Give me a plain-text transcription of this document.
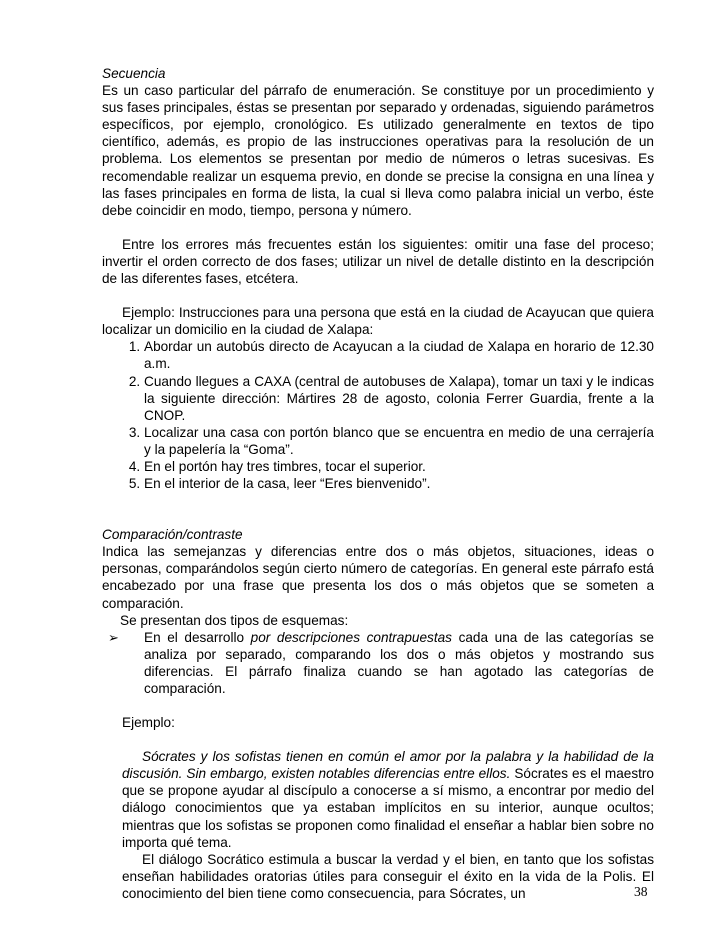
Secuencia

Es un caso particular del párrafo de enumeración. Se constituye por un procedimiento y sus fases principales, éstas se presentan por separado y ordenadas, siguiendo parámetros específicos, por ejemplo, cronológico. Es utilizado generalmente en textos de tipo científico, además, es propio de las instrucciones operativas para la resolución de un problema. Los elementos se presentan por medio de números o letras sucesivas. Es recomendable realizar un esquema previo, en donde se precise la consigna en una línea y las fases principales en forma de lista, la cual si lleva como palabra inicial un verbo, éste debe coincidir en modo, tiempo, persona y número.

Entre los errores más frecuentes están los siguientes: omitir una fase del proceso; invertir el orden correcto de dos fases; utilizar un nivel de detalle distinto en la descripción de las diferentes fases, etcétera.

Ejemplo: Instrucciones para una persona que está en la ciudad de Acayucan que quiera localizar un domicilio en la ciudad de Xalapa:

1. Abordar un autobús directo de Acayucan a la ciudad de Xalapa en horario de 12.30 a.m.
2. Cuando llegues a CAXA (central de autobuses de Xalapa), tomar un taxi y le indicas la siguiente dirección: Mártires 28 de agosto, colonia Ferrer Guardia, frente a la CNOP.
3. Localizar una casa con portón blanco que se encuentra en medio de una cerrajería y la papelería la “Goma”.
4. En el portón hay tres timbres, tocar el superior.
5. En el interior de la casa, leer “Eres bienvenido”.

Comparación/contraste

Indica las semejanzas y diferencias entre dos o más objetos, situaciones, ideas o personas, comparándolos según cierto número de categorías. En general este párrafo está encabezado por una frase que presenta los dos o más objetos que se someten a comparación.

Se presentan dos tipos de esquemas:

➢ En el desarrollo por descripciones contrapuestas cada una de las categorías se analiza por separado, comparando los dos o más objetos y mostrando sus diferencias. El párrafo finaliza cuando se han agotado las categorías de comparación.

Ejemplo:

Sócrates y los sofistas tienen en común el amor por la palabra y la habilidad de la discusión. Sin embargo, existen notables diferencias entre ellos. Sócrates es el maestro que se propone ayudar al discípulo a conocerse a sí mismo, a encontrar por medio del diálogo conocimientos que ya estaban implícitos en su interior, aunque ocultos; mientras que los sofistas se proponen como finalidad el enseñar a hablar bien sobre no importa qué tema.

El diálogo Socrático estimula a buscar la verdad y el bien, en tanto que los sofistas enseñan habilidades oratorias útiles para conseguir el éxito en la vida de la Polis. El conocimiento del bien tiene como consecuencia, para Sócrates, un	38
